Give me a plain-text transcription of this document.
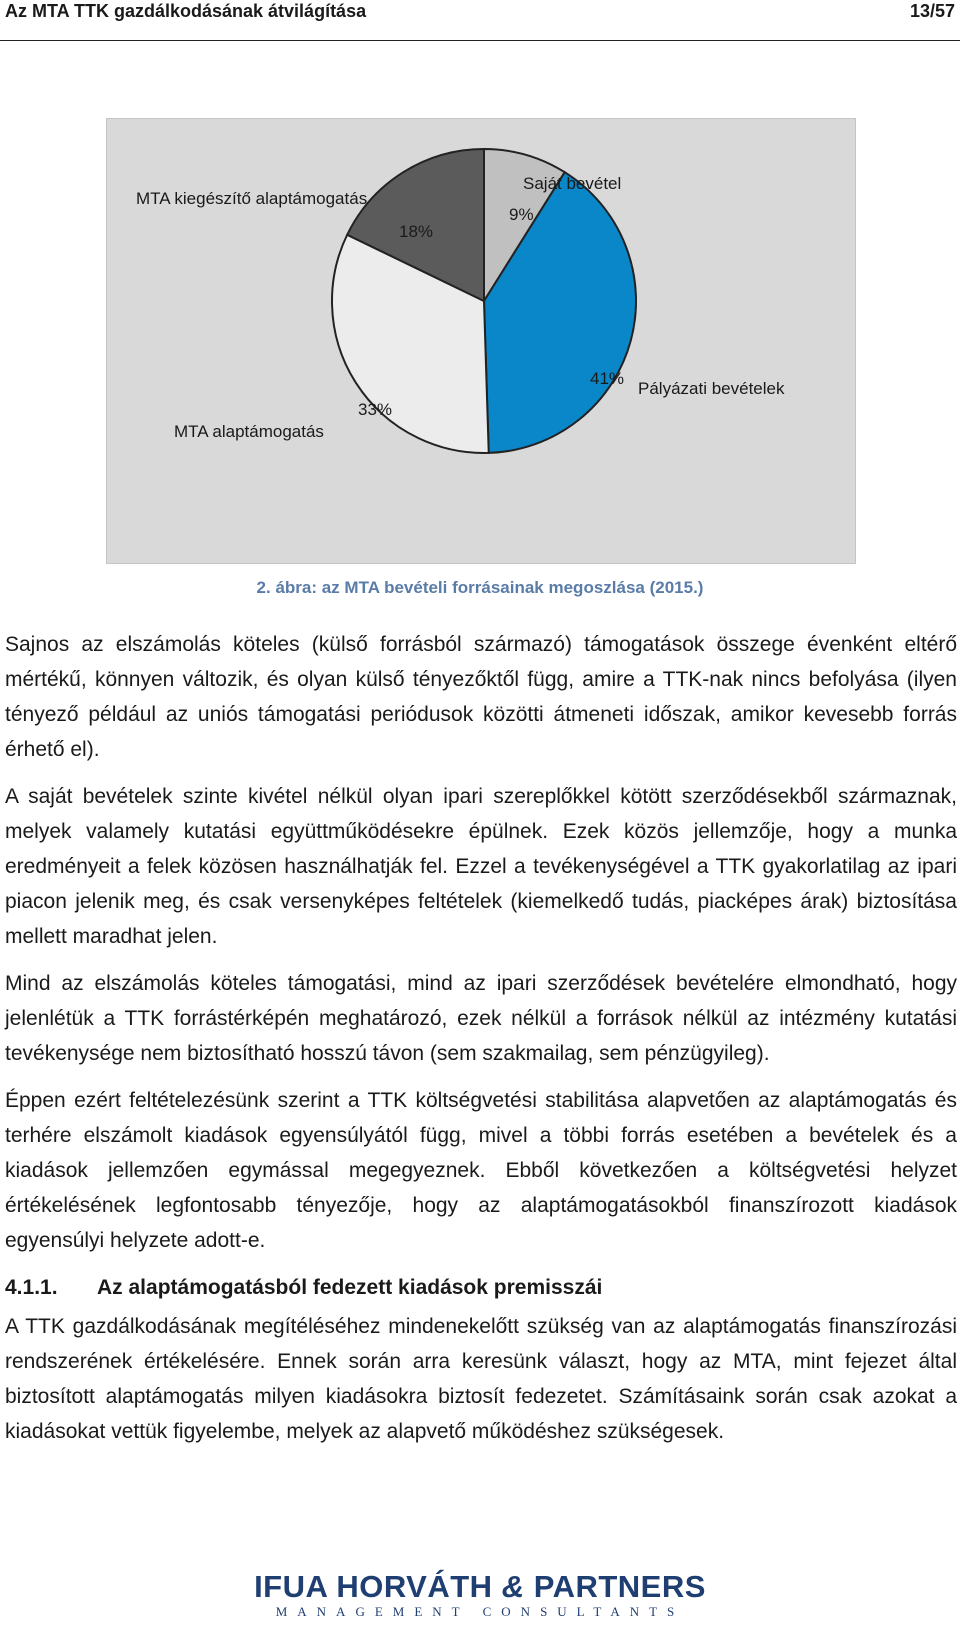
Az MTA TTK gazdálkodásának átvilágítása	13/57
Saját bevétel
9%
41%
Pályázati bevételek
33%
MTA alaptámogatás
MTA kiegészítő alaptámogatás
18%
2. ábra: az MTA bevételi forrásainak megoszlása (2015.)

Sajnos az elszámolás köteles (külső forrásból származó) támogatások összege évenként eltérő mértékű, könnyen változik, és olyan külső tényezőktől függ, amire a TTK-nak nincs befolyása (ilyen tényező például az uniós támogatási periódusok közötti átmeneti időszak, amikor kevesebb forrás érhető el).

A saját bevételek szinte kivétel nélkül olyan ipari szereplőkkel kötött szerződésekből származnak, melyek valamely kutatási együttműködésekre épülnek. Ezek közös jellemzője, hogy a munka eredményeit a felek közösen használhatják fel. Ezzel a tevékenységével a TTK gyakorlatilag az ipari piacon jelenik meg, és csak versenyképes feltételek (kiemelkedő tudás, piacképes árak) biztosítása mellett maradhat jelen.

Mind az elszámolás köteles támogatási, mind az ipari szerződések bevételére elmondható, hogy jelenlétük a TTK forrástérképén meghatározó, ezek nélkül a források nélkül az intézmény kutatási tevékenysége nem biztosítható hosszú távon (sem szakmailag, sem pénzügyileg).

Éppen ezért feltételezésünk szerint a TTK költségvetési stabilitása alapvetően az alaptámogatás és terhére elszámolt kiadások egyensúlyától függ, mivel a többi forrás esetében a bevételek és a kiadások jellemzően egymással megegyeznek. Ebből következően a költségvetési helyzet értékelésének legfontosabb tényezője, hogy az alaptámogatásokból finanszírozott kiadások egyensúlyi helyzete adott-e.

4.1.1. Az alaptámogatásból fedezett kiadások premisszái

A TTK gazdálkodásának megítéléséhez mindenekelőtt szükség van az alaptámogatás finanszírozási rendszerének értékelésére. Ennek során arra keresünk választ, hogy az MTA, mint fejezet által biztosított alaptámogatás milyen kiadásokra biztosít fedezetet. Számításaink során csak azokat a kiadásokat vettük figyelembe, melyek az alapvető működéshez szükségesek.

IFUA HORVÁTH & PARTNERS
MANAGEMENT CONSULTANTS
